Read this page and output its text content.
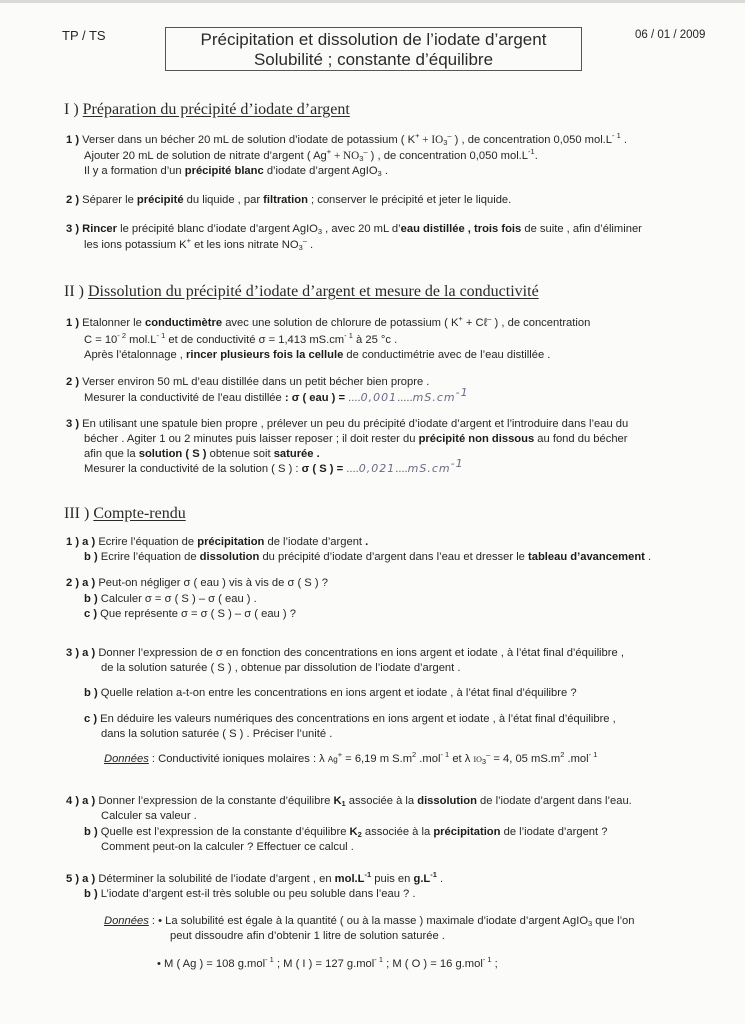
TP / TS	Précipitation et dissolution de l’iodate d’argent
Solubilité ; constante d’équilibre
06 / 01 / 2009
I ) Préparation du précipité d’iodate d’argent
1 ) Verser dans un bécher 20 mL de solution d’iodate de potassium ( $K^+ + IO_3^-$ ) , de concentration 0,050 $mol.L^{- 1}$ .
Ajouter 20 mL de solution de nitrate d’argent ( $Ag^+ + NO_3^-$ ) , de concentration 0,050 $mol.L^{-1}$.
Il y a formation d’un précipité blanc d’iodate d’argent AgIO$_3$ .
2 ) Séparer le précipité du liquide , par filtration ; conserver le précipité et jeter le liquide.
3 ) Rincer le précipité blanc d’iodate d’argent AgIO$_3$ , avec 20 mL d’eau distillée , trois fois de suite , afin d’éliminer
les ions potassium K+ et les ions nitrate $NO_3^-$ .
II ) Dissolution du précipité d’iodate d’argent et mesure de la conductivité
1 ) Etalonner le conductimètre avec une solution de chlorure de potassium ( K+ + Cℓ– ) , de concentration
$C = 10^{- 2}$ $mol.L^{- 1}$ et de conductivité σ = 1,413 $mS.cm^{- 1}$ à 25 °c .
Après l’étalonnage , rincer plusieurs fois la cellule de conductimétrie avec de l’eau distillée .
2 ) Verser environ 50 mL d’eau distillée dans un petit bécher bien propre .
Mesurer la conductivité de l’eau distillée : σ ( eau ) = $....0,001.....mS.cm^{-1}$
3 ) En utilisant une spatule bien propre , prélever un peu du précipité d’iodate d’argent et l’introduire dans l’eau du
bécher . Agiter 1 ou 2 minutes puis laisser reposer ; il doit rester du précipité non dissous au fond du bécher
afin que la solution ( S ) obtenue soit saturée .
Mesurer la conductivité de la solution ( S ) : σ ( S ) = $....0,021....mS.cm^{-1}$
III ) Compte-rendu
1 ) a ) Ecrire l’équation de précipitation de l’iodate d’argent .
b ) Ecrire l’équation de dissolution du précipité d’iodate d’argent dans l’eau et dresser le tableau d’avancement .
2 ) a ) Peut-on négliger σ ( eau ) vis à vis de σ ( S ) ?
b ) Calculer σ = σ ( S ) – σ ( eau ) .
c ) Que représente σ = σ ( S ) – σ ( eau ) ?
3 ) a ) Donner l’expression de σ en fonction des concentrations en ions argent et iodate , à l’état final d’équilibre ,
de la solution saturée ( S ) , obtenue par dissolution de l’iodate d’argent .
b ) Quelle relation a-t-on entre les concentrations en ions argent et iodate , à l’état final d’équilibre ?
c ) En déduire les valeurs numériques des concentrations en ions argent et iodate , à l’état final d’équilibre ,
dans la solution saturée ( S ) . Préciser l’unité .
Données : Conductivité ioniques molaires : λ Ag+ = 6,19 m $S.m^2$ .mol$^{- 1}$ et λ $IO_3^- = 4$, 05 $mS.m^2$ .mol$^{- 1}$
4 ) a ) Donner l’expression de la constante d’équilibre $K_1$ associée à la dissolution de l’iodate d’argent dans l’eau.
Calculer sa valeur .
b ) Quelle est l’expression de la constante d’équilibre $K_2$ associée à la précipitation de l’iodate d’argent ?
Comment peut-on la calculer ? Effectuer ce calcul .
5 ) a ) Déterminer la solubilité de l’iodate d’argent , en $mol.L^{-1}$ puis en $g.L^{-1}$ .
b ) L’iodate d’argent est-il très soluble ou peu soluble dans l’eau ? .
Données : • La solubilité est égale à la quantité ( ou à la masse ) maximale d’iodate d’argent AgIO$_3$ que l’on
peut dissoudre afin d’obtenir 1 litre de solution saturée .
• M ( Ag ) = 108 g.mol$^{- 1}$ ; M ( I ) = 127 g.mol$^{- 1}$ ; M ( O ) = 16 g.mol$^{- 1}$ ;
